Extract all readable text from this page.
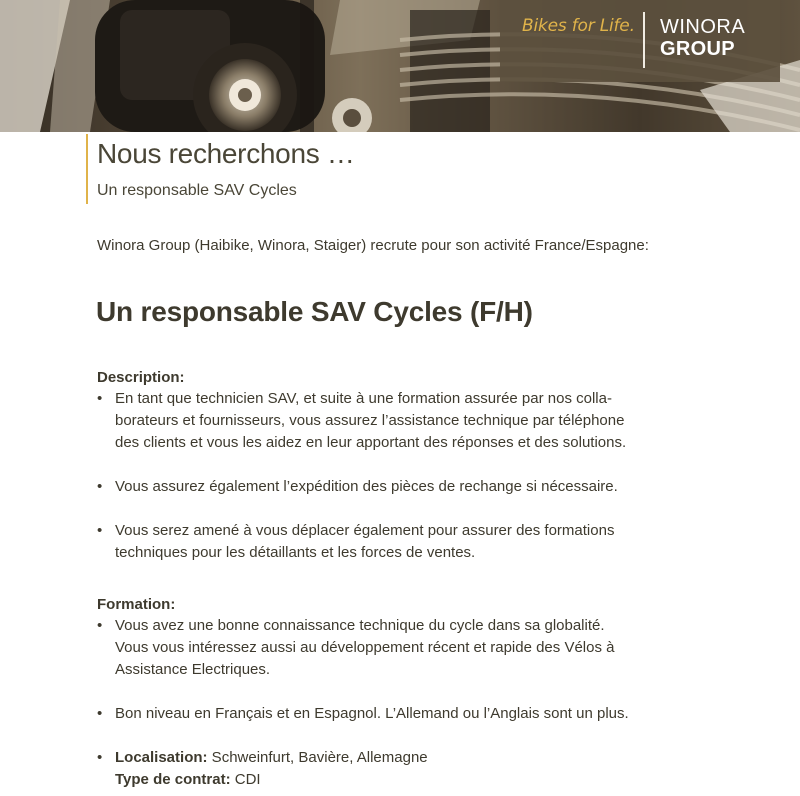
Bikes for Life. WINORA
GROUP
Nous recherchons …
Un responsable SAV Cycles
Winora Group (Haibike, Winora, Staiger) recrute pour son activité France/Espagne:
Un responsable SAV Cycles (F/H)
Description:
• En tant que technicien SAV, et suite à une formation assurée par nos colla-
borateurs et fournisseurs, vous assurez l’assistance technique par téléphone
des clients et vous les aidez en leur apportant des réponses et des solutions.
• Vous assurez également l’expédition des pièces de rechange si nécessaire.
• Vous serez amené à vous déplacer également pour assurer des formations
techniques pour les détaillants et les forces de ventes.
Formation:
• Vous avez une bonne connaissance technique du cycle dans sa globalité.
Vous vous intéressez aussi au développement récent et rapide des Vélos à
Assistance Electriques.
• Bon niveau en Français et en Espagnol. L’Allemand ou l’Anglais sont un plus.
• Localisation: Schweinfurt, Bavière, Allemagne
Type de contrat: CDI
